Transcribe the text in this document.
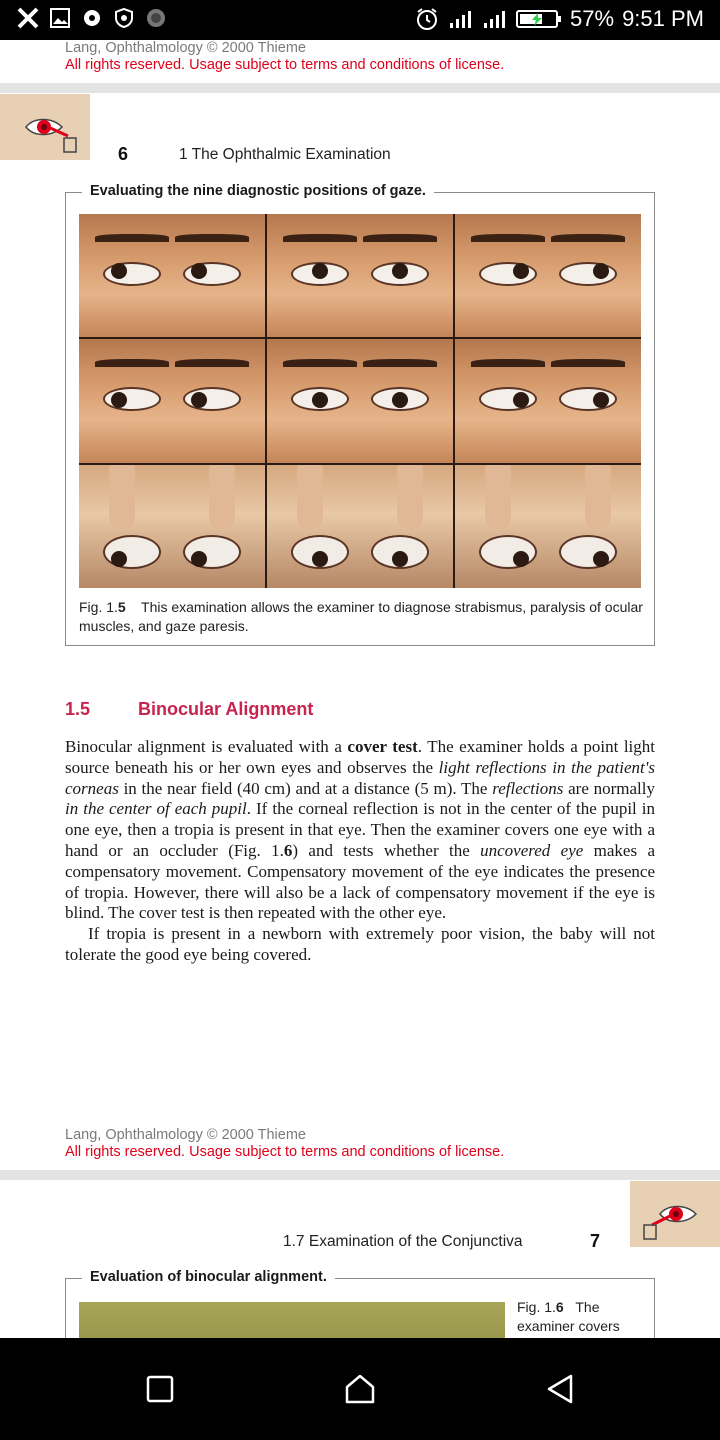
57% 9:51 PM
Lang, Ophthalmology © 2000 Thieme
All rights reserved. Usage subject to terms and conditions of license.
6	1 The Ophthalmic Examination
Evaluating the nine diagnostic positions of gaze.
Fig. 1.5 This examination allows the examiner to diagnose strabismus, paralysis of ocular muscles, and gaze paresis.
1.5	Binocular Alignment

Binocular alignment is evaluated with a cover test. The examiner holds a point light source beneath his or her own eyes and observes the light reflections in the patient's corneas in the near field (40 cm) and at a distance (5 m). The reflections are normally in the center of each pupil. If the corneal reflection is not in the center of the pupil in one eye, then a tropia is present in that eye. Then the examiner covers one eye with a hand or an occluder (Fig. 1.6) and tests whether the uncovered eye makes a compensatory movement. Compensatory movement of the eye indicates the presence of tropia. However, there will also be a lack of compensatory movement if the eye is blind. The cover test is then repeated with the other eye.

If tropia is present in a newborn with extremely poor vision, the baby will not tolerate the good eye being covered.

Lang, Ophthalmology © 2000 Thieme
All rights reserved. Usage subject to terms and conditions of license.
1.7 Examination of the Conjunctiva	7
Evaluation of binocular alignment.
Fig. 1.6 The examiner covers
